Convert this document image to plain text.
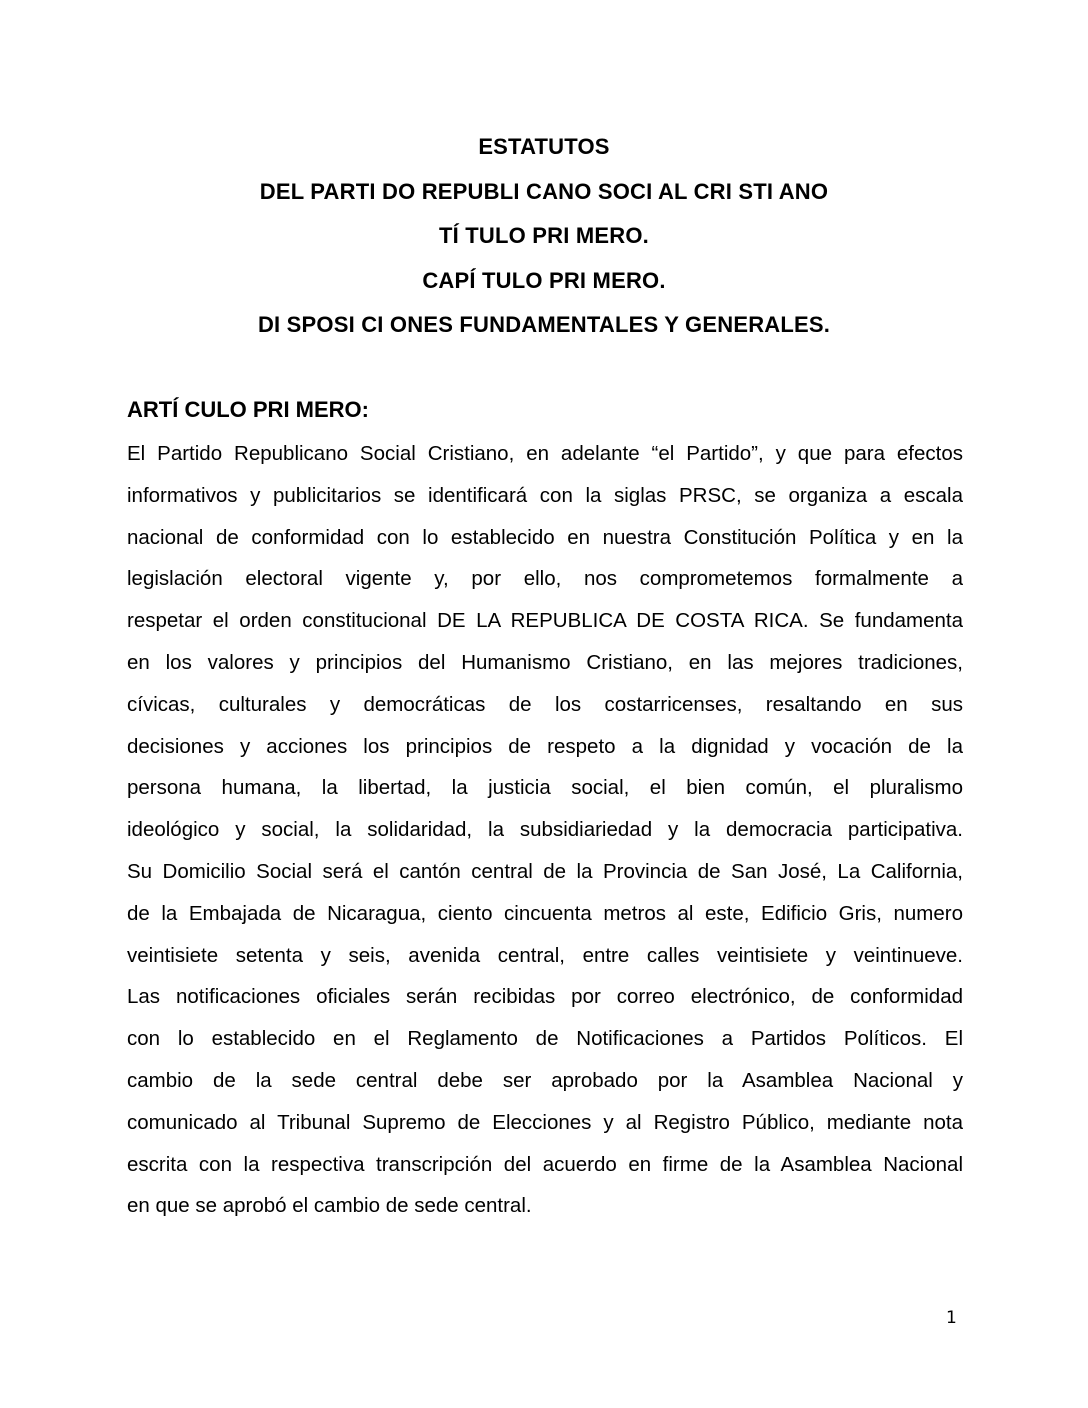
ESTATUTOS
DEL PARTI DO REPUBLI CANO SOCI AL CRI STI ANO
TÍ TULO PRI MERO.
CAPÍ TULO PRI MERO.
DI SPOSI CI ONES FUNDAMENTALES Y GENERALES.
ARTÍ CULO PRI MERO:
El Partido Republicano Social Cristiano, en adelante “el Partido”, y que para efectos
informativos y publicitarios se identificará con la siglas PRSC, se organiza a escala
nacional de conformidad con lo establecido en nuestra Constitución Política y en la
legislación electoral vigente y, por ello, nos comprometemos formalmente a
respetar el orden constitucional DE LA REPUBLICA DE COSTA RICA. Se fundamenta
en los valores y principios del Humanismo Cristiano, en las mejores tradiciones,
cívicas, culturales y democráticas de los costarricenses, resaltando en sus
decisiones y acciones los principios de respeto a la dignidad y vocación de la
persona humana, la libertad, la justicia social, el bien común, el pluralismo
ideológico y social, la solidaridad, la subsidiariedad y la democracia participativa.
Su Domicilio Social será el cantón central de la Provincia de San José, La California,
de la Embajada de Nicaragua, ciento cincuenta metros al este, Edificio Gris, numero
veintisiete setenta y seis, avenida central, entre calles veintisiete y veintinueve.
Las notificaciones oficiales serán recibidas por correo electrónico, de conformidad
con lo establecido en el Reglamento de Notificaciones a Partidos Políticos. El
cambio de la sede central debe ser aprobado por la Asamblea Nacional y
comunicado al Tribunal Supremo de Elecciones y al Registro Público, mediante nota
escrita con la respectiva transcripción del acuerdo en firme de la Asamblea Nacional
en que se aprobó el cambio de sede central.
1
